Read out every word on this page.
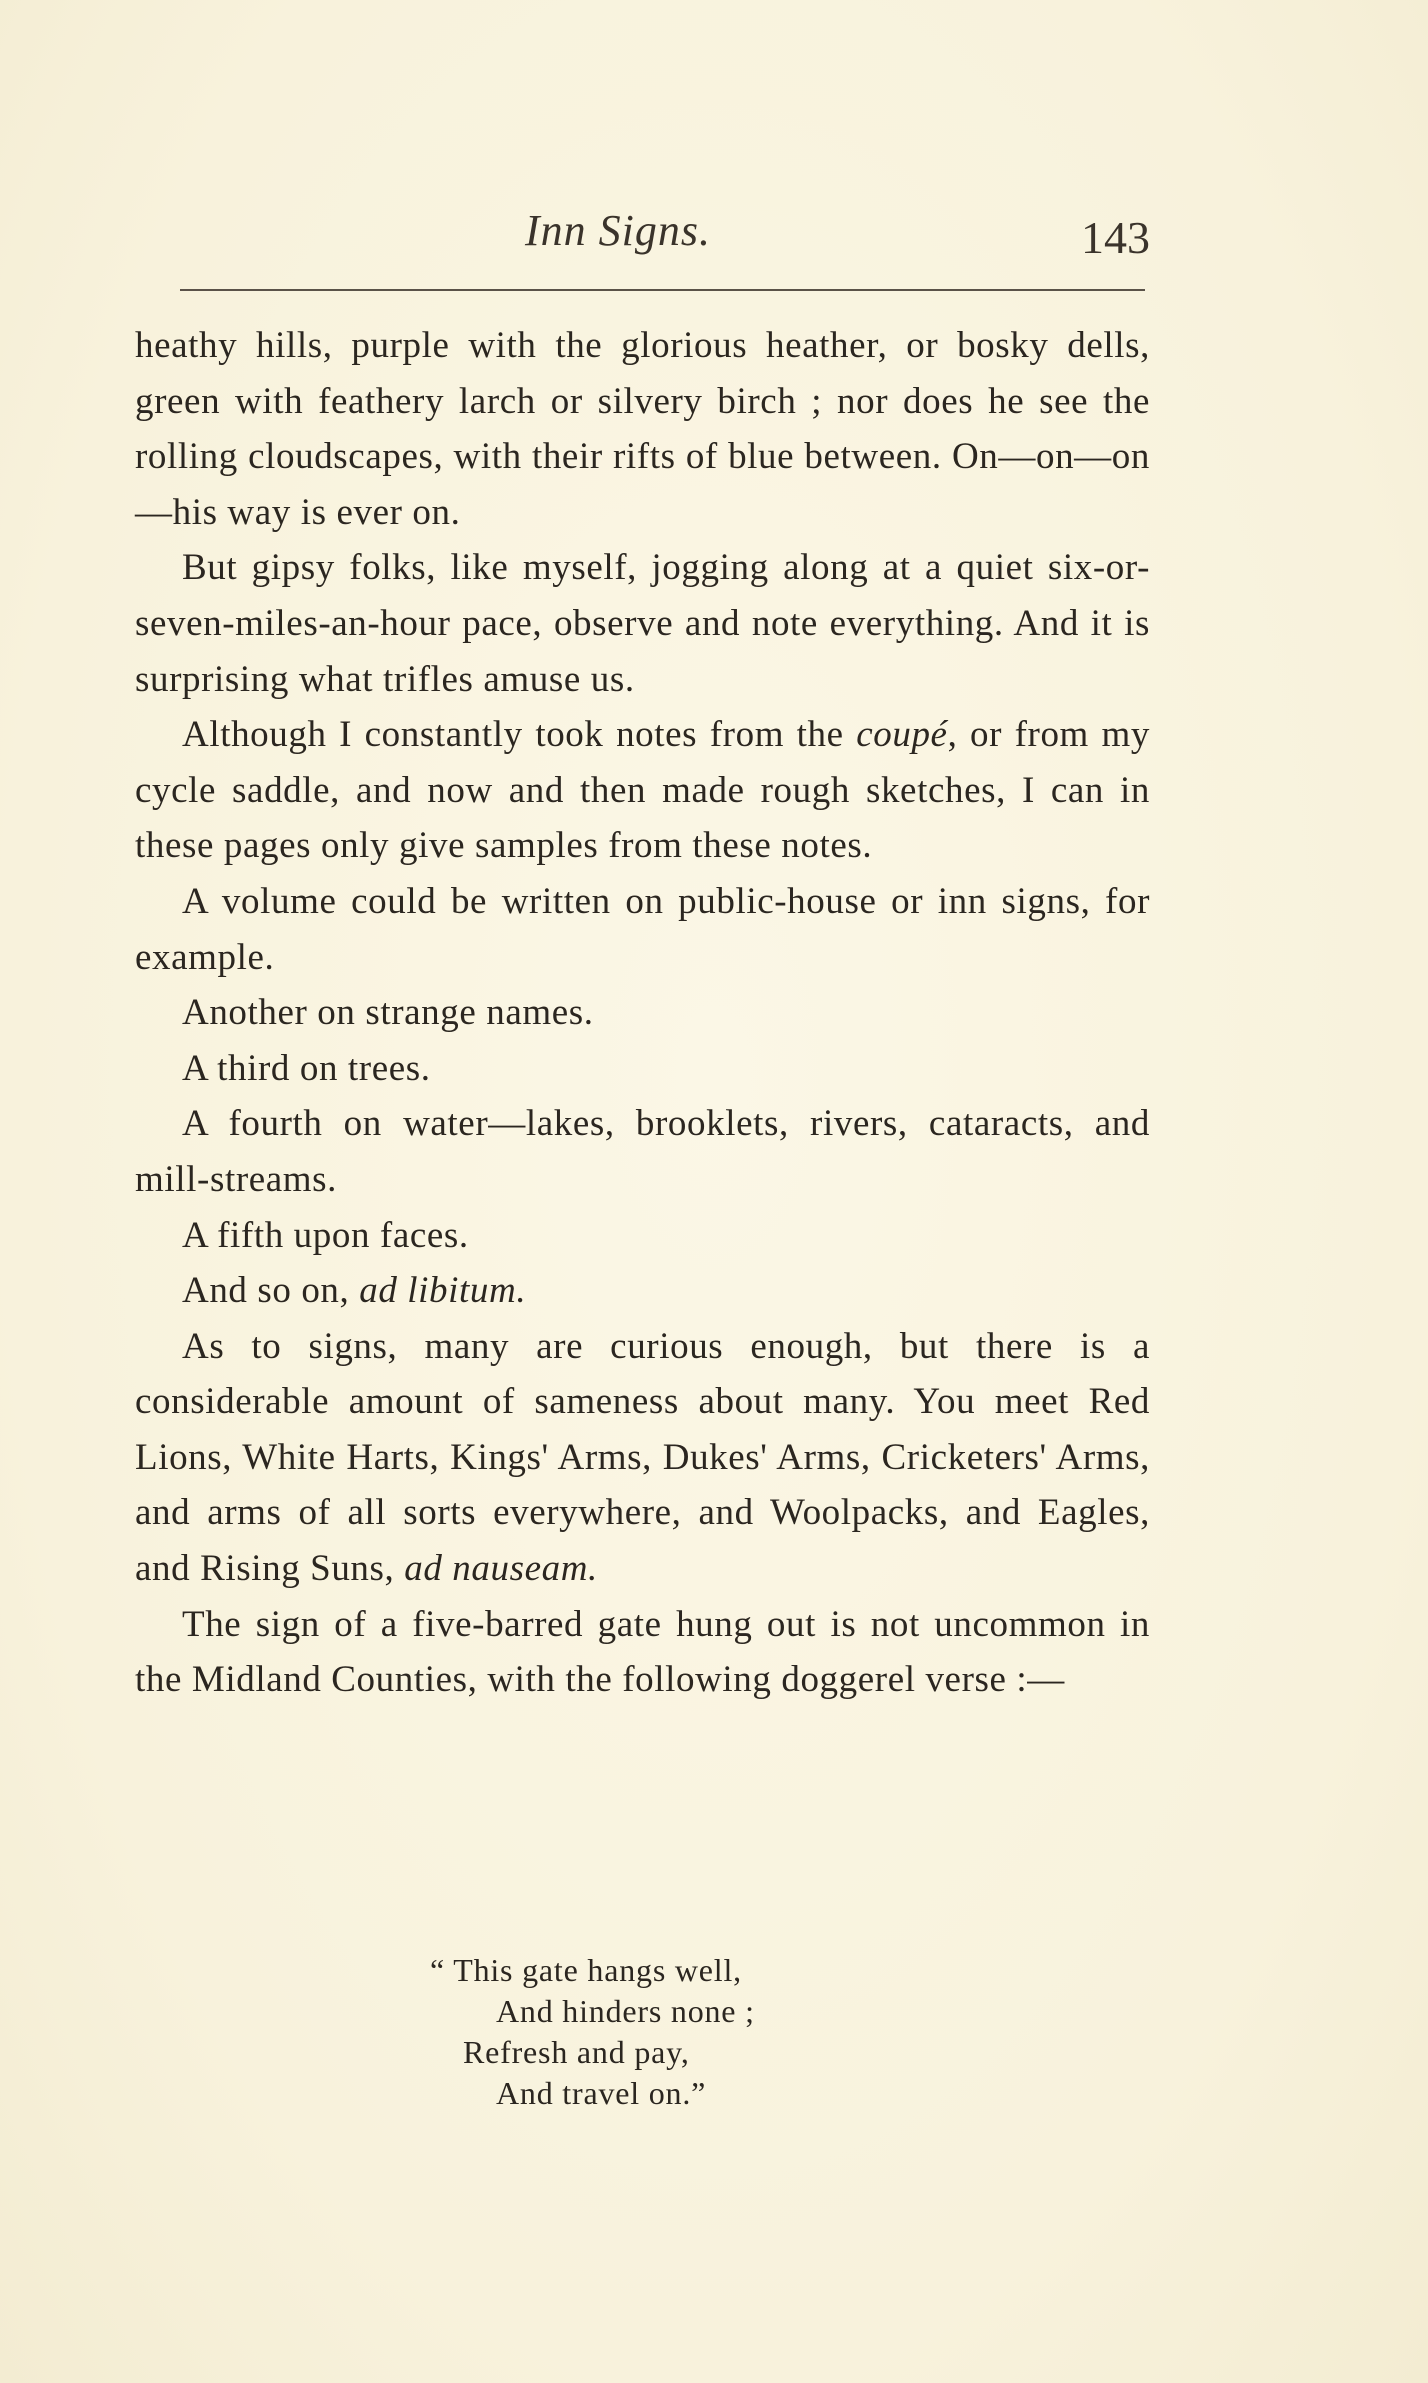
Inn Signs.	143

heathy hills, purple with the glorious heather, or bosky dells, green with feathery larch or silvery birch ; nor does he see the rolling cloudscapes, with their rifts of blue between. On—on—on—his way is ever on.

But gipsy folks, like myself, jogging along at a quiet six-or-seven-miles-an-hour pace, observe and note everything. And it is surprising what trifles amuse us.

Although I constantly took notes from the coupé, or from my cycle saddle, and now and then made rough sketches, I can in these pages only give samples from these notes.

A volume could be written on public-house or inn signs, for example.

Another on strange names.

A third on trees.

A fourth on water—lakes, brooklets, rivers, cataracts, and mill-streams.

A fifth upon faces.

And so on, ad libitum.

As to signs, many are curious enough, but there is a considerable amount of sameness about many. You meet Red Lions, White Harts, Kings' Arms, Dukes' Arms, Cricketers' Arms, and arms of all sorts everywhere, and Woolpacks, and Eagles, and Rising Suns, ad nauseam.

The sign of a five-barred gate hung out is not uncommon in the Midland Counties, with the following doggerel verse :—

“ This gate hangs well,
And hinders none ;
Refresh and pay,
And travel on.”
